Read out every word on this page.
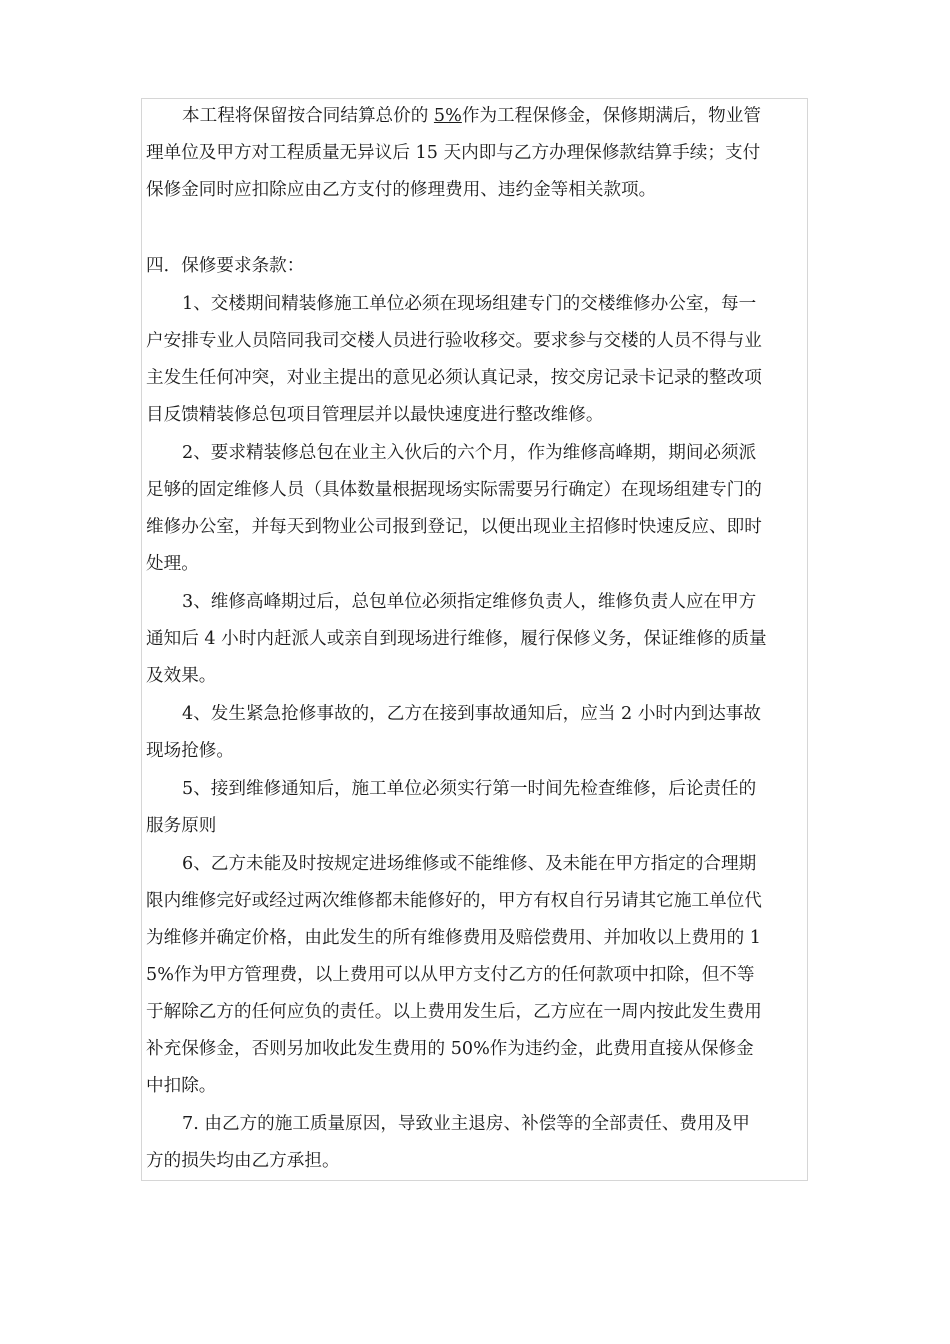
本工程将保留按合同结算总价的 5%作为工程保修金，保修期满后，物业管
理单位及甲方对工程质量无异议后 15 天内即与乙方办理保修款结算手续；支付
保修金同时应扣除应由乙方支付的修理费用、违约金等相关款项。
四．保修要求条款：
1、交楼期间精装修施工单位必须在现场组建专门的交楼维修办公室，每一
户安排专业人员陪同我司交楼人员进行验收移交。要求参与交楼的人员不得与业
主发生任何冲突，对业主提出的意见必须认真记录，按交房记录卡记录的整改项
目反馈精装修总包项目管理层并以最快速度进行整改维修。
2、要求精装修总包在业主入伙后的六个月，作为维修高峰期，期间必须派
足够的固定维修人员（具体数量根据现场实际需要另行确定）在现场组建专门的
维修办公室，并每天到物业公司报到登记，以便出现业主招修时快速反应、即时
处理。
3、维修高峰期过后，总包单位必须指定维修负责人，维修负责人应在甲方
通知后 4 小时内赶派人或亲自到现场进行维修，履行保修义务，保证维修的质量
及效果。
4、发生紧急抢修事故的，乙方在接到事故通知后，应当 2 小时内到达事故
现场抢修。
5、接到维修通知后，施工单位必须实行第一时间先检查维修，后论责任的
服务原则
6、乙方未能及时按规定进场维修或不能维修、及未能在甲方指定的合理期
限内维修完好或经过两次维修都未能修好的，甲方有权自行另请其它施工单位代
为维修并确定价格，由此发生的所有维修费用及赔偿费用、并加收以上费用的 1
5%作为甲方管理费，以上费用可以从甲方支付乙方的任何款项中扣除，但不等
于解除乙方的任何应负的责任。以上费用发生后，乙方应在一周内按此发生费用
补充保修金，否则另加收此发生费用的 50%作为违约金，此费用直接从保修金
中扣除。
7. 由乙方的施工质量原因，导致业主退房、补偿等的全部责任、费用及甲
方的损失均由乙方承担。
